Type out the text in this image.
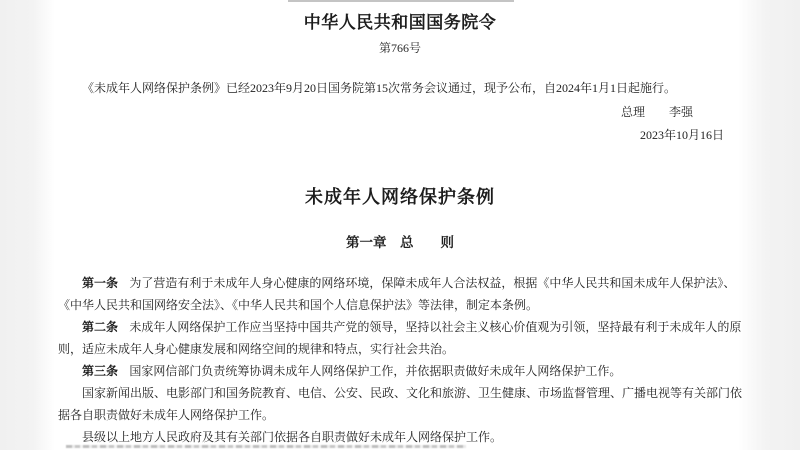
中华人民共和国国务院令
第766号

《未成年人网络保护条例》已经2023年9月20日国务院第15次常务会议通过，现予公布，自2024年1月1日起施行。

总理 李强
2023年10月16日
未成年人网络保护条例
第一章　总　　则

第一条 为了营造有利于未成年人身心健康的网络环境，保障未成年人合法权益，根据《中华人民共和国未成年人保护法》、《中华人民共和国网络安全法》、《中华人民共和国个人信息保护法》等法律，制定本条例。

第二条 未成年人网络保护工作应当坚持中国共产党的领导，坚持以社会主义核心价值观为引领，坚持最有利于未成年人的原则，适应未成年人身心健康发展和网络空间的规律和特点，实行社会共治。

第三条 国家网信部门负责统筹协调未成年人网络保护工作，并依据职责做好未成年人网络保护工作。

国家新闻出版、电影部门和国务院教育、电信、公安、民政、文化和旅游、卫生健康、市场监督管理、广播电视等有关部门依据各自职责做好未成年人网络保护工作。

县级以上地方人民政府及其有关部门依据各自职责做好未成年人网络保护工作。
